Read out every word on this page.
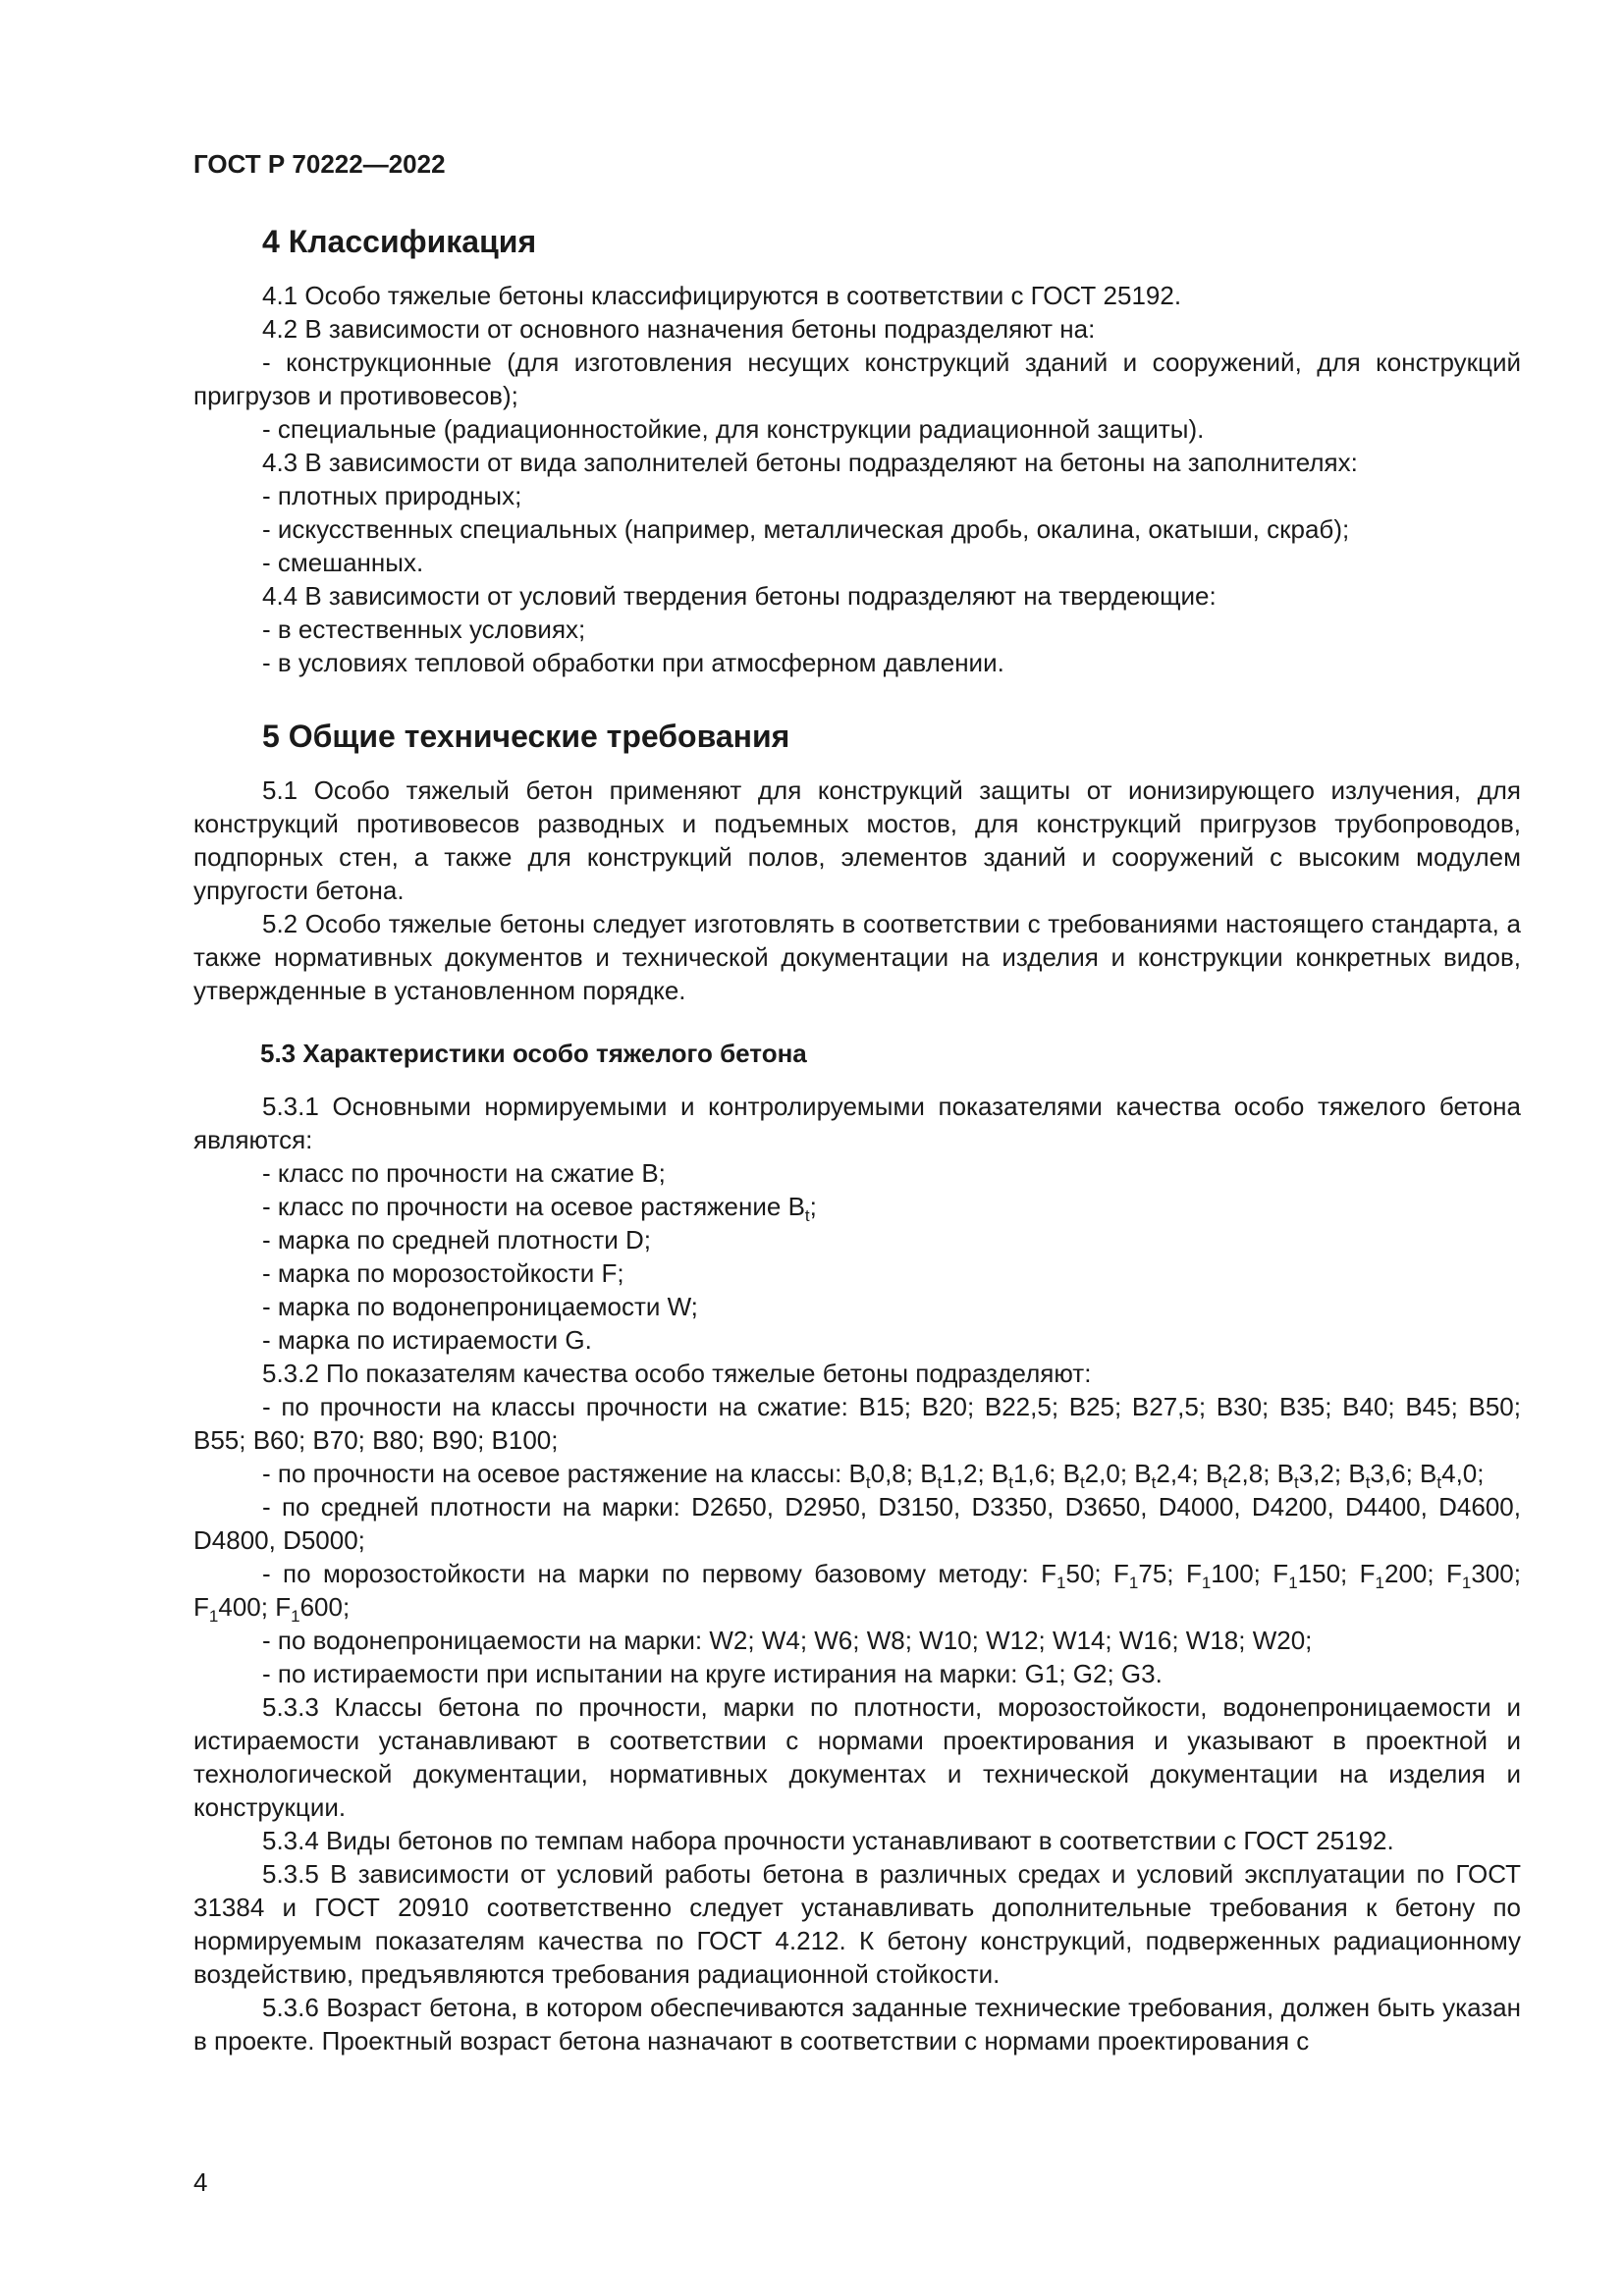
ГОСТ Р 70222—2022
4 Классификация

4.1 Особо тяжелые бетоны классифицируются в соответствии с ГОСТ 25192.

4.2 В зависимости от основного назначения бетоны подразделяют на:

- конструкционные (для изготовления несущих конструкций зданий и сооружений, для конструкций пригрузов и противовесов);

- специальные (радиационностойкие, для конструкции радиационной защиты).

4.3 В зависимости от вида заполнителей бетоны подразделяют на бетоны на заполнителях:

- плотных природных;

- искусственных специальных (например, металлическая дробь, окалина, окатыши, скраб);

- смешанных.

4.4 В зависимости от условий твердения бетоны подразделяют на твердеющие:

- в естественных условиях;

- в условиях тепловой обработки при атмосферном давлении.

5 Общие технические требования

5.1 Особо тяжелый бетон применяют для конструкций защиты от ионизирующего излучения, для конструкций противовесов разводных и подъемных мостов, для конструкций пригрузов трубопроводов, подпорных стен, а также для конструкций полов, элементов зданий и сооружений с высоким модулем упругости бетона.

5.2 Особо тяжелые бетоны следует изготовлять в соответствии с требованиями настоящего стандарта, а также нормативных документов и технической документации на изделия и конструкции конкретных видов, утвержденные в установленном порядке.

5.3 Характеристики особо тяжелого бетона

5.3.1 Основными нормируемыми и контролируемыми показателями качества особо тяжелого бетона являются:

- класс по прочности на сжатие B;

- класс по прочности на осевое растяжение $B_t$;

- марка по средней плотности D;

- марка по морозостойкости F;

- марка по водонепроницаемости W;

- марка по истираемости G.

5.3.2 По показателям качества особо тяжелые бетоны подразделяют:

- по прочности на классы прочности на сжатие: B15; B20; B22,5; B25; B27,5; B30; B35; B40; B45; B50; B55; B60; B70; B80; B90; B100;

- по прочности на осевое растяжение на классы: $B_t0,8$; $B_t1,2$; $B_t1,6$; $B_t2,0$; $B_t2,4$; $B_t2,8$; $B_t3,2$; $B_t3,6$; $B_t4,0$;

- по средней плотности на марки: D2650, D2950, D3150, D3350, D3650, D4000, D4200, D4400, D4600, D4800, D5000;

- по морозостойкости на марки по первому базовому методу: $F_150$; $F_175$; $F_1100$; $F_1150$; $F_1200$; $F_1300$; $F_1400$; $F_1600$;

- по водонепроницаемости на марки: W2; W4; W6; W8; W10; W12; W14; W16; W18; W20;

- по истираемости при испытании на круге истирания на марки: G1; G2; G3.

5.3.3 Классы бетона по прочности, марки по плотности, морозостойкости, водонепроницаемости и истираемости устанавливают в соответствии с нормами проектирования и указывают в проектной и технологической документации, нормативных документах и технической документации на изделия и конструкции.

5.3.4 Виды бетонов по темпам набора прочности устанавливают в соответствии с ГОСТ 25192.

5.3.5 В зависимости от условий работы бетона в различных средах и условий эксплуатации по ГОСТ 31384 и ГОСТ 20910 соответственно следует устанавливать дополнительные требования к бетону по нормируемым показателям качества по ГОСТ 4.212. К бетону конструкций, подверженных радиационному воздействию, предъявляются требования радиационной стойкости.

5.3.6 Возраст бетона, в котором обеспечиваются заданные технические требования, должен быть указан в проекте. Проектный возраст бетона назначают в соответствии с нормами проектирования с

4
